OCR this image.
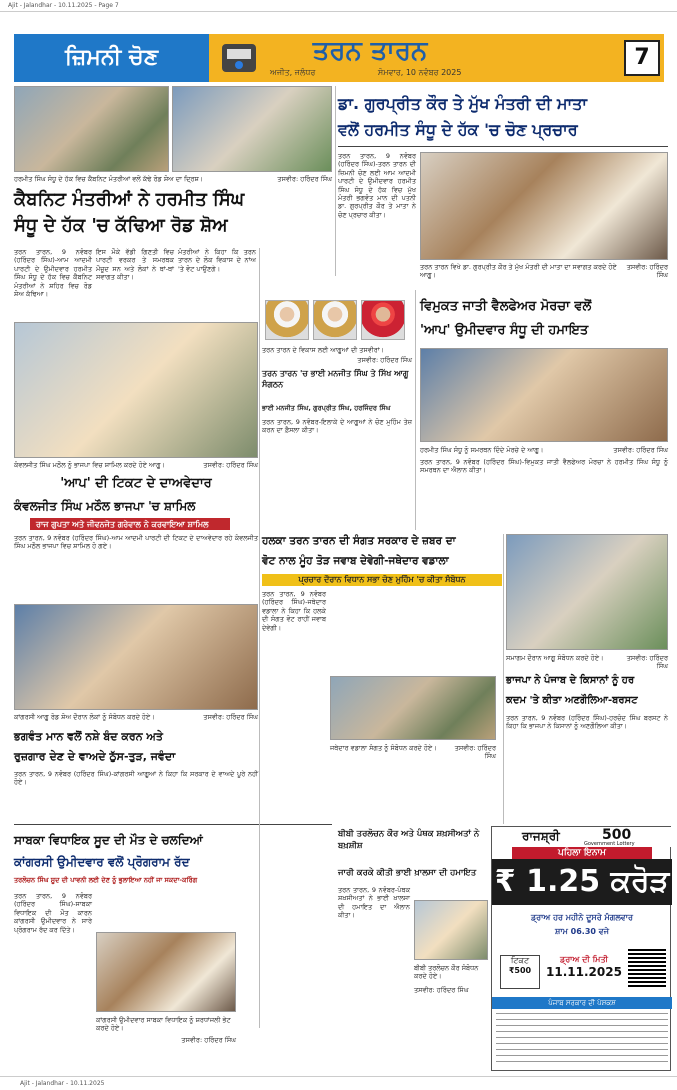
Ajit - Jalandhar - 10.11.2025 - Page 7
ਜ਼ਿਮਨੀ ਚੋਣ	ਤਰਨ ਤਾਰਨ
ਅਜੀਤ, ਜਲੰਧਰ	ਸੋਮਵਾਰ, 10 ਨਵੰਬਰ 2025
7
ਹਰਮੀਤ ਸਿੰਘ ਸੰਧੂ ਦੇ ਹੱਕ ਵਿਚ ਕੈਬਨਿਟ ਮੰਤਰੀਆਂ ਵਲੋਂ ਕੱਢੇ ਰੋਡ ਸ਼ੋਅ ਦਾ ਦ੍ਰਿਸ਼।	ਤਸਵੀਰ: ਹਰਿੰਦਰ ਸਿੰਘ
ਕੈਬਨਿਟ ਮੰਤਰੀਆਂ ਨੇ ਹਰਮੀਤ ਸਿੰਘ
ਸੰਧੂ ਦੇ ਹੱਕ 'ਚ ਕੱਢਿਆ ਰੋਡ ਸ਼ੋਅ
ਤਰਨ ਤਾਰਨ, 9 ਨਵੰਬਰ (ਹਰਿੰਦਰ ਸਿੰਘ)-ਆਮ ਆਦਮੀ ਪਾਰਟੀ ਦੇ ਉਮੀਦਵਾਰ ਹਰਮੀਤ ਸਿੰਘ ਸੰਧੂ ਦੇ ਹੱਕ ਵਿਚ ਕੈਬਨਿਟ ਮੰਤਰੀਆਂ ਨੇ ਸ਼ਹਿਰ ਵਿਚ ਰੋਡ ਸ਼ੋਅ ਕੱਢਿਆ।
ਇਸ ਮੌਕੇ ਵੱਡੀ ਗਿਣਤੀ ਵਿਚ ਪਾਰਟੀ ਵਰਕਰ ਤੇ ਸਮਰਥਕ ਮੌਜੂਦ ਸਨ ਅਤੇ ਲੋਕਾਂ ਨੇ ਥਾਂ-ਥਾਂ ਸਵਾਗਤ ਕੀਤਾ।
ਮੰਤਰੀਆਂ ਨੇ ਕਿਹਾ ਕਿ ਤਰਨ ਤਾਰਨ ਦੇ ਲੋਕ ਵਿਕਾਸ ਦੇ ਨਾਂਅ 'ਤੇ ਵੋਟ ਪਾਉਣਗੇ।
ਡਾ. ਗੁਰਪ੍ਰੀਤ ਕੌਰ ਤੇ ਮੁੱਖ ਮੰਤਰੀ ਦੀ ਮਾਤਾ
ਵਲੋਂ ਹਰਮੀਤ ਸੰਧੂ ਦੇ ਹੱਕ 'ਚ ਚੋਣ ਪ੍ਰਚਾਰ
ਤਰਨ ਤਾਰਨ, 9 ਨਵੰਬਰ (ਹਰਿੰਦਰ ਸਿੰਘ)-ਤਰਨ ਤਾਰਨ ਦੀ ਜ਼ਿਮਨੀ ਚੋਣ ਲਈ ਆਮ ਆਦਮੀ ਪਾਰਟੀ ਦੇ ਉਮੀਦਵਾਰ ਹਰਮੀਤ ਸਿੰਘ ਸੰਧੂ ਦੇ ਹੱਕ ਵਿਚ ਮੁੱਖ ਮੰਤਰੀ ਭਗਵੰਤ ਮਾਨ ਦੀ ਪਤਨੀ ਡਾ. ਗੁਰਪ੍ਰੀਤ ਕੌਰ ਤੇ ਮਾਤਾ ਨੇ ਚੋਣ ਪ੍ਰਚਾਰ ਕੀਤਾ।
ਤਰਨ ਤਾਰਨ ਵਿਖੇ ਡਾ. ਗੁਰਪ੍ਰੀਤ ਕੌਰ ਤੇ ਮੁੱਖ ਮੰਤਰੀ ਦੀ ਮਾਤਾ ਦਾ ਸਵਾਗਤ ਕਰਦੇ ਹੋਏ ਆਗੂ।
ਤਸਵੀਰ: ਹਰਿੰਦਰ ਸਿੰਘ
ਤਰਨ ਤਾਰਨ ਦੇ ਵਿਕਾਸ ਲਈ ਆਗੂਆਂ ਦੀ ਤਸਵੀਰਾਂ।
ਤਸਵੀਰ: ਹਰਿੰਦਰ ਸਿੰਘ
ਤਰਨ ਤਾਰਨ 'ਚ ਭਾਈ ਮਨਜੀਤ ਸਿੰਘ ਤੇ ਸਿੱਖ ਆਗੂ ਸੰਗਠਨ
ਭਾਈ ਮਨਜੀਤ ਸਿੰਘ, ਗੁਰਪ੍ਰੀਤ ਸਿੰਘ, ਹਰਜਿੰਦਰ ਸਿੰਘ
ਤਰਨ ਤਾਰਨ, 9 ਨਵੰਬਰ-ਇਲਾਕੇ ਦੇ ਆਗੂਆਂ ਨੇ ਚੋਣ ਮੁਹਿੰਮ ਤੇਜ਼ ਕਰਨ ਦਾ ਫ਼ੈਸਲਾ ਕੀਤਾ।
ਵਿਮੁਕਤ ਜਾਤੀ ਵੈਲਫੇਅਰ ਮੋਰਚਾ ਵਲੋਂ
'ਆਪ' ਉਮੀਦਵਾਰ ਸੰਧੂ ਦੀ ਹਮਾਇਤ
ਹਰਮੀਤ ਸਿੰਘ ਸੰਧੂ ਨੂੰ ਸਮਰਥਨ ਦਿੰਦੇ ਮੋਰਚੇ ਦੇ ਆਗੂ।	ਤਸਵੀਰ: ਹਰਿੰਦਰ ਸਿੰਘ
ਤਰਨ ਤਾਰਨ, 9 ਨਵੰਬਰ (ਹਰਿੰਦਰ ਸਿੰਘ)-ਵਿਮੁਕਤ ਜਾਤੀ ਵੈਲਫੇਅਰ ਮੋਰਚਾ ਨੇ ਹਰਮੀਤ ਸਿੰਘ ਸੰਧੂ ਨੂੰ ਸਮਰਥਨ ਦਾ ਐਲਾਨ ਕੀਤਾ।
ਕੰਵਲਜੀਤ ਸਿੰਘ ਮਠੌਲ ਨੂੰ ਭਾਜਪਾ ਵਿਚ ਸ਼ਾਮਿਲ ਕਰਦੇ ਹੋਏ ਆਗੂ।	ਤਸਵੀਰ: ਹਰਿੰਦਰ ਸਿੰਘ
'ਆਪ' ਦੀ ਟਿਕਟ ਦੇ ਦਾਅਵੇਦਾਰ
ਕੰਵਲਜੀਤ ਸਿੰਘ ਮਠੌਲ ਭਾਜਪਾ 'ਚ ਸ਼ਾਮਿਲ
ਰਾਜ ਗੁਪਤਾ ਅਤੇ ਜੀਵਨਜੋਤ ਗਰੇਵਾਲ ਨੇ ਕਰਵਾਇਆ ਸ਼ਾਮਿਲ
ਤਰਨ ਤਾਰਨ, 9 ਨਵੰਬਰ (ਹਰਿੰਦਰ ਸਿੰਘ)-ਆਮ ਆਦਮੀ ਪਾਰਟੀ ਦੀ ਟਿਕਟ ਦੇ ਦਾਅਵੇਦਾਰ ਰਹੇ ਕੰਵਲਜੀਤ ਸਿੰਘ ਮਠੌਲ ਭਾਜਪਾ ਵਿਚ ਸ਼ਾਮਿਲ ਹੋ ਗਏ।	ਹਲਕਾ ਤਰਨ ਤਾਰਨ ਦੀ ਸੰਗਤ ਸਰਕਾਰ ਦੇ ਜ਼ਬਰ ਦਾ
ਵੋਟ ਨਾਲ ਮੂੰਹ ਤੋੜ ਜਵਾਬ ਦੇਵੇਗੀ-ਜਥੇਦਾਰ ਵਡਾਲਾ
ਪ੍ਰਚਾਰ ਦੌਰਾਨ ਵਿਧਾਨ ਸਭਾ ਚੋਣ ਮੁਹਿੰਮ 'ਚ ਕੀਤਾ ਸੰਬੋਧਨ
ਤਰਨ ਤਾਰਨ, 9 ਨਵੰਬਰ (ਹਰਿੰਦਰ ਸਿੰਘ)-ਜਥੇਦਾਰ ਵਡਾਲਾ ਨੇ ਕਿਹਾ ਕਿ ਹਲਕੇ ਦੀ ਸੰਗਤ ਵੋਟ ਰਾਹੀਂ ਜਵਾਬ ਦੇਵੇਗੀ।
ਜਥੇਦਾਰ ਵਡਾਲਾ ਸੰਗਤ ਨੂੰ ਸੰਬੋਧਨ ਕਰਦੇ ਹੋਏ।	ਤਸਵੀਰ: ਹਰਿੰਦਰ ਸਿੰਘ
ਸਮਾਗਮ ਦੌਰਾਨ ਆਗੂ ਸੰਬੋਧਨ ਕਰਦੇ ਹੋਏ।	ਤਸਵੀਰ: ਹਰਿੰਦਰ ਸਿੰਘ
ਭਾਜਪਾ ਨੇ ਪੰਜਾਬ ਦੇ ਕਿਸਾਨਾਂ ਨੂੰ ਹਰ
ਕਦਮ 'ਤੇ ਕੀਤਾ ਅਣਗੌਲਿਆ-ਬਰਸਟ
ਤਰਨ ਤਾਰਨ, 9 ਨਵੰਬਰ (ਹਰਿੰਦਰ ਸਿੰਘ)-ਹਰਚੰਦ ਸਿੰਘ ਬਰਸਟ ਨੇ ਕਿਹਾ ਕਿ ਭਾਜਪਾ ਨੇ ਕਿਸਾਨਾਂ ਨੂੰ ਅਣਗੌਲਿਆ ਕੀਤਾ।
ਕਾਂਗਰਸੀ ਆਗੂ ਰੋਡ ਸ਼ੋਅ ਦੌਰਾਨ ਲੋਕਾਂ ਨੂੰ ਸੰਬੋਧਨ ਕਰਦੇ ਹੋਏ।	ਤਸਵੀਰ: ਹਰਿੰਦਰ ਸਿੰਘ
ਭਗਵੰਤ ਮਾਨ ਵਲੋਂ ਨਸ਼ੇ ਬੰਦ ਕਰਨ ਅਤੇ
ਰੁਜ਼ਗਾਰ ਦੇਣ ਦੇ ਵਾਅਦੇ ਠੁੱਸ-ਤੁੜ, ਜਵੰਦਾ
ਤਰਨ ਤਾਰਨ, 9 ਨਵੰਬਰ (ਹਰਿੰਦਰ ਸਿੰਘ)-ਕਾਂਗਰਸੀ ਆਗੂਆਂ ਨੇ ਕਿਹਾ ਕਿ ਸਰਕਾਰ ਦੇ ਵਾਅਦੇ ਪੂਰੇ ਨਹੀਂ ਹੋਏ।
ਸਾਬਕਾ ਵਿਧਾਇਕ ਸੂਦ ਦੀ ਮੌਤ ਦੇ ਚਲਦਿਆਂ
ਕਾਂਗਰਸੀ ਉਮੀਦਵਾਰ ਵਲੋਂ ਪ੍ਰੋਗਰਾਮ ਰੱਦ
ਤਰਲੋਚਨ ਸਿੰਘ ਸੂਦ ਦੀ ਪਾਵਨੀ ਲਈ ਦੇਣ ਨੂੰ ਭੁਲਾਇਆ ਨਹੀਂ ਜਾ ਸਕਦਾ-ਕਰਿੰਗ
ਤਰਨ ਤਾਰਨ, 9 ਨਵੰਬਰ (ਹਰਿੰਦਰ ਸਿੰਘ)-ਸਾਬਕਾ ਵਿਧਾਇਕ ਦੀ ਮੌਤ ਕਾਰਨ ਕਾਂਗਰਸੀ ਉਮੀਦਵਾਰ ਨੇ ਸਾਰੇ ਪ੍ਰੋਗਰਾਮ ਰੱਦ ਕਰ ਦਿੱਤੇ।
ਕਾਂਗਰਸੀ ਉਮੀਦਵਾਰ ਸਾਬਕਾ ਵਿਧਾਇਕ ਨੂੰ ਸ਼ਰਧਾਂਜਲੀ ਭੇਟ ਕਰਦੇ ਹੋਏ।
ਤਸਵੀਰ: ਹਰਿੰਦਰ ਸਿੰਘ
ਬੀਬੀ ਤਰਲੋਚਨ ਕੌਰ ਅਤੇ ਪੰਥਕ ਸ਼ਖ਼ਸੀਅਤਾਂ ਨੇ ਬਖ਼ਸ਼ੀਸ਼
ਜਾਰੀ ਕਰਕੇ ਕੀਤੀ ਭਾਈ ਖ਼ਾਲਸਾ ਦੀ ਹਮਾਇਤ
ਤਰਨ ਤਾਰਨ, 9 ਨਵੰਬਰ-ਪੰਥਕ ਸ਼ਖ਼ਸੀਅਤਾਂ ਨੇ ਭਾਈ ਖ਼ਾਲਸਾ ਦੀ ਹਮਾਇਤ ਦਾ ਐਲਾਨ ਕੀਤਾ।
ਬੀਬੀ ਤਰਲੋਚਨ ਕੌਰ ਸੰਬੋਧਨ ਕਰਦੇ ਹੋਏ।
ਤਸਵੀਰ: ਹਰਿੰਦਰ ਸਿੰਘ
ਰਾਜਸ਼੍ਰੀ	500
Government Lottery
ਪਹਿਲਾ ਇਨਾਮ
₹ 1.25 ਕਰੋੜ
ਡ੍ਰਾਅ ਹਰ ਮਹੀਨੇ ਦੂਸਰੇ ਮੰਗਲਵਾਰ
ਸ਼ਾਮ 06.30 ਵਜੇ
ਟਿਕਟ
₹500
ਡ੍ਰਾਅ ਦੀ ਮਿਤੀ
11.11.2025
ਪੰਜਾਬ ਸਰਕਾਰ ਦੀ ਪੇਸ਼ਕਸ਼
Ajit - Jalandhar - 10.11.2025
